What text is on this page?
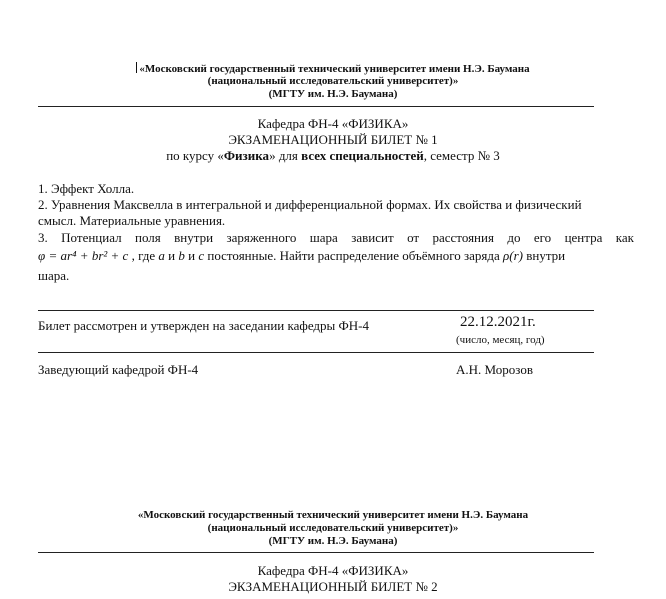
«Московский государственный технический университет имени Н.Э. Баумана
(национальный исследовательский университет)»
(МГТУ им. Н.Э. Баумана)
Кафедра ФН-4 «ФИЗИКА»
ЭКЗАМЕНАЦИОННЫЙ БИЛЕТ № 1
по курсу «Физика» для всех специальностей, семестр № 3
1. Эффект Холла.
2. Уравнения Максвелла в интегральной и дифференциальной формах. Их свойства и физический
смысл. Материальные уравнения.
3. Потенциал поля внутри заряженного шара зависит от расстояния до его центра как
φ = ar⁴ + br² + c , где a и b и c постоянные. Найти распределение объёмного заряда ρ(r) внутри
шара.
Билет рассмотрен и утвержден на заседании кафедры ФН-4	22.12.2021г.
(число, месяц, год)
Заведующий кафедрой ФН-4	А.Н. Морозов
«Московский государственный технический университет имени Н.Э. Баумана
(национальный исследовательский университет)»
(МГТУ им. Н.Э. Баумана)
Кафедра ФН-4 «ФИЗИКА»
ЭКЗАМЕНАЦИОННЫЙ БИЛЕТ № 2
